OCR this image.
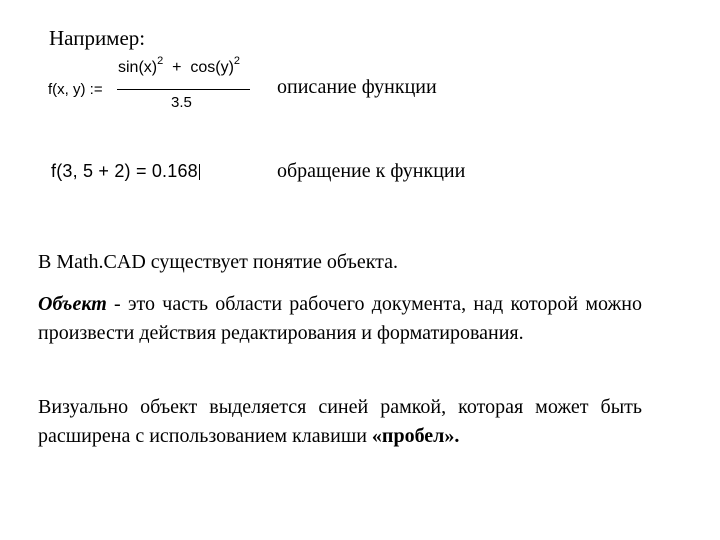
Например:
f(x, y) :=
$\sin(x)^2 + \cos(y)^2$
3.5
описание функции
f(3, 5 + 2) = 0.168	обращение к функции
В Math.CAD существует понятие объекта.
Объект - это часть области рабочего документа, над которой можно произвести действия редактирования и форматирования.
Визуально объект выделяется синей рамкой, которая может быть расширена с использованием клавиши «пробел».
